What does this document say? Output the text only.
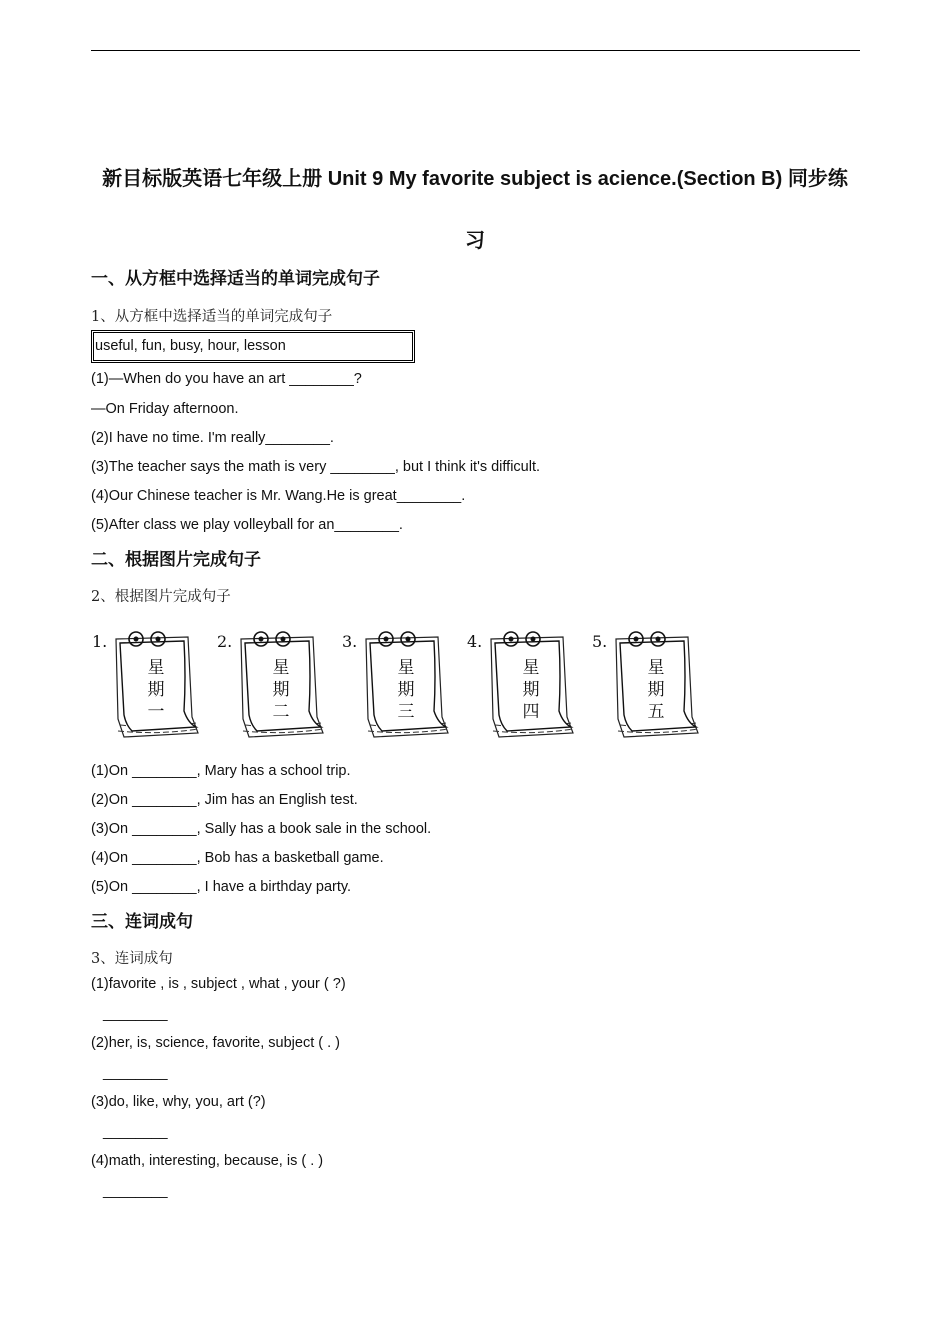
新目标版英语七年级上册 Unit 9 My favorite subject is acience.(Section B) 同步练
习
一、从方框中选择适当的单词完成句子
1、从方框中选择适当的单词完成句子
useful, fun, busy, hour, lesson
(1)—When do you have an art ________?
—On Friday afternoon.
(2)I have no time. I'm really________.
(3)The teacher says the math is very ________, but I think it's difficult.
(4)Our Chinese teacher is Mr. Wang.He is great________.
(5)After class we play volleyball for an________.
二、根据图片完成句子
2、根据图片完成句子
1.
星
期
一
2.
星
期
二
3.
星
期
三
4.
星
期
四
5.
星
期
五
(1)On ________, Mary has a school trip.
(2)On ________, Jim has an English test.
(3)On ________, Sally has a book sale in the school.
(4)On ________, Bob has a basketball game.
(5)On ________, I have a birthday party.
三、连词成句
3、连词成句
(1)favorite , is , subject , what , your ( ?)
________
(2)her, is, science, favorite, subject ( . )
________
(3)do, like, why, you, art (?)
________
(4)math, interesting, because, is ( . )
________
